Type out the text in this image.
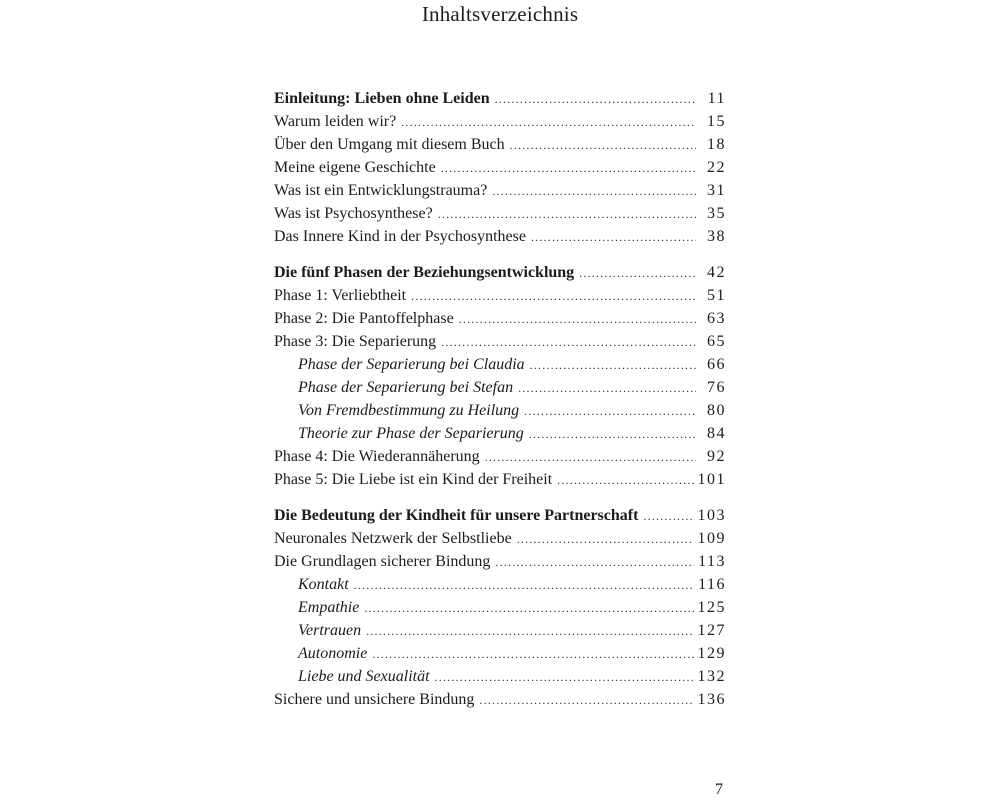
Inhaltsverzeichnis
Einleitung: Lieben ohne Leiden .....	11
Warum leiden wir? .....	15
Über den Umgang mit diesem Buch .....	18
Meine eigene Geschichte .....	22
Was ist ein Entwicklungstrauma? .....	31
Was ist Psychosynthese? .....	35
Das Innere Kind in der Psychosynthese .....	38
Die fünf Phasen der Beziehungsentwicklung .....	42
Phase 1: Verliebtheit .....	51
Phase 2: Die Pantoffelphase .....	63
Phase 3: Die Separierung .....	65
Phase der Separierung bei Claudia .....	66
Phase der Separierung bei Stefan .....	76
Von Fremdbestimmung zu Heilung .....	80
Theorie zur Phase der Separierung .....	84
Phase 4: Die Wiederannäherung .....	92
Phase 5: Die Liebe ist ein Kind der Freiheit .....	101
Die Bedeutung der Kindheit für unsere Partnerschaft .....	103
Neuronales Netzwerk der Selbstliebe .....	109
Die Grundlagen sicherer Bindung .....	113
Kontakt .....	116
Empathie .....	125
Vertrauen .....	127
Autonomie .....	129
Liebe und Sexualität .....	132
Sichere und unsichere Bindung .....	136
7
